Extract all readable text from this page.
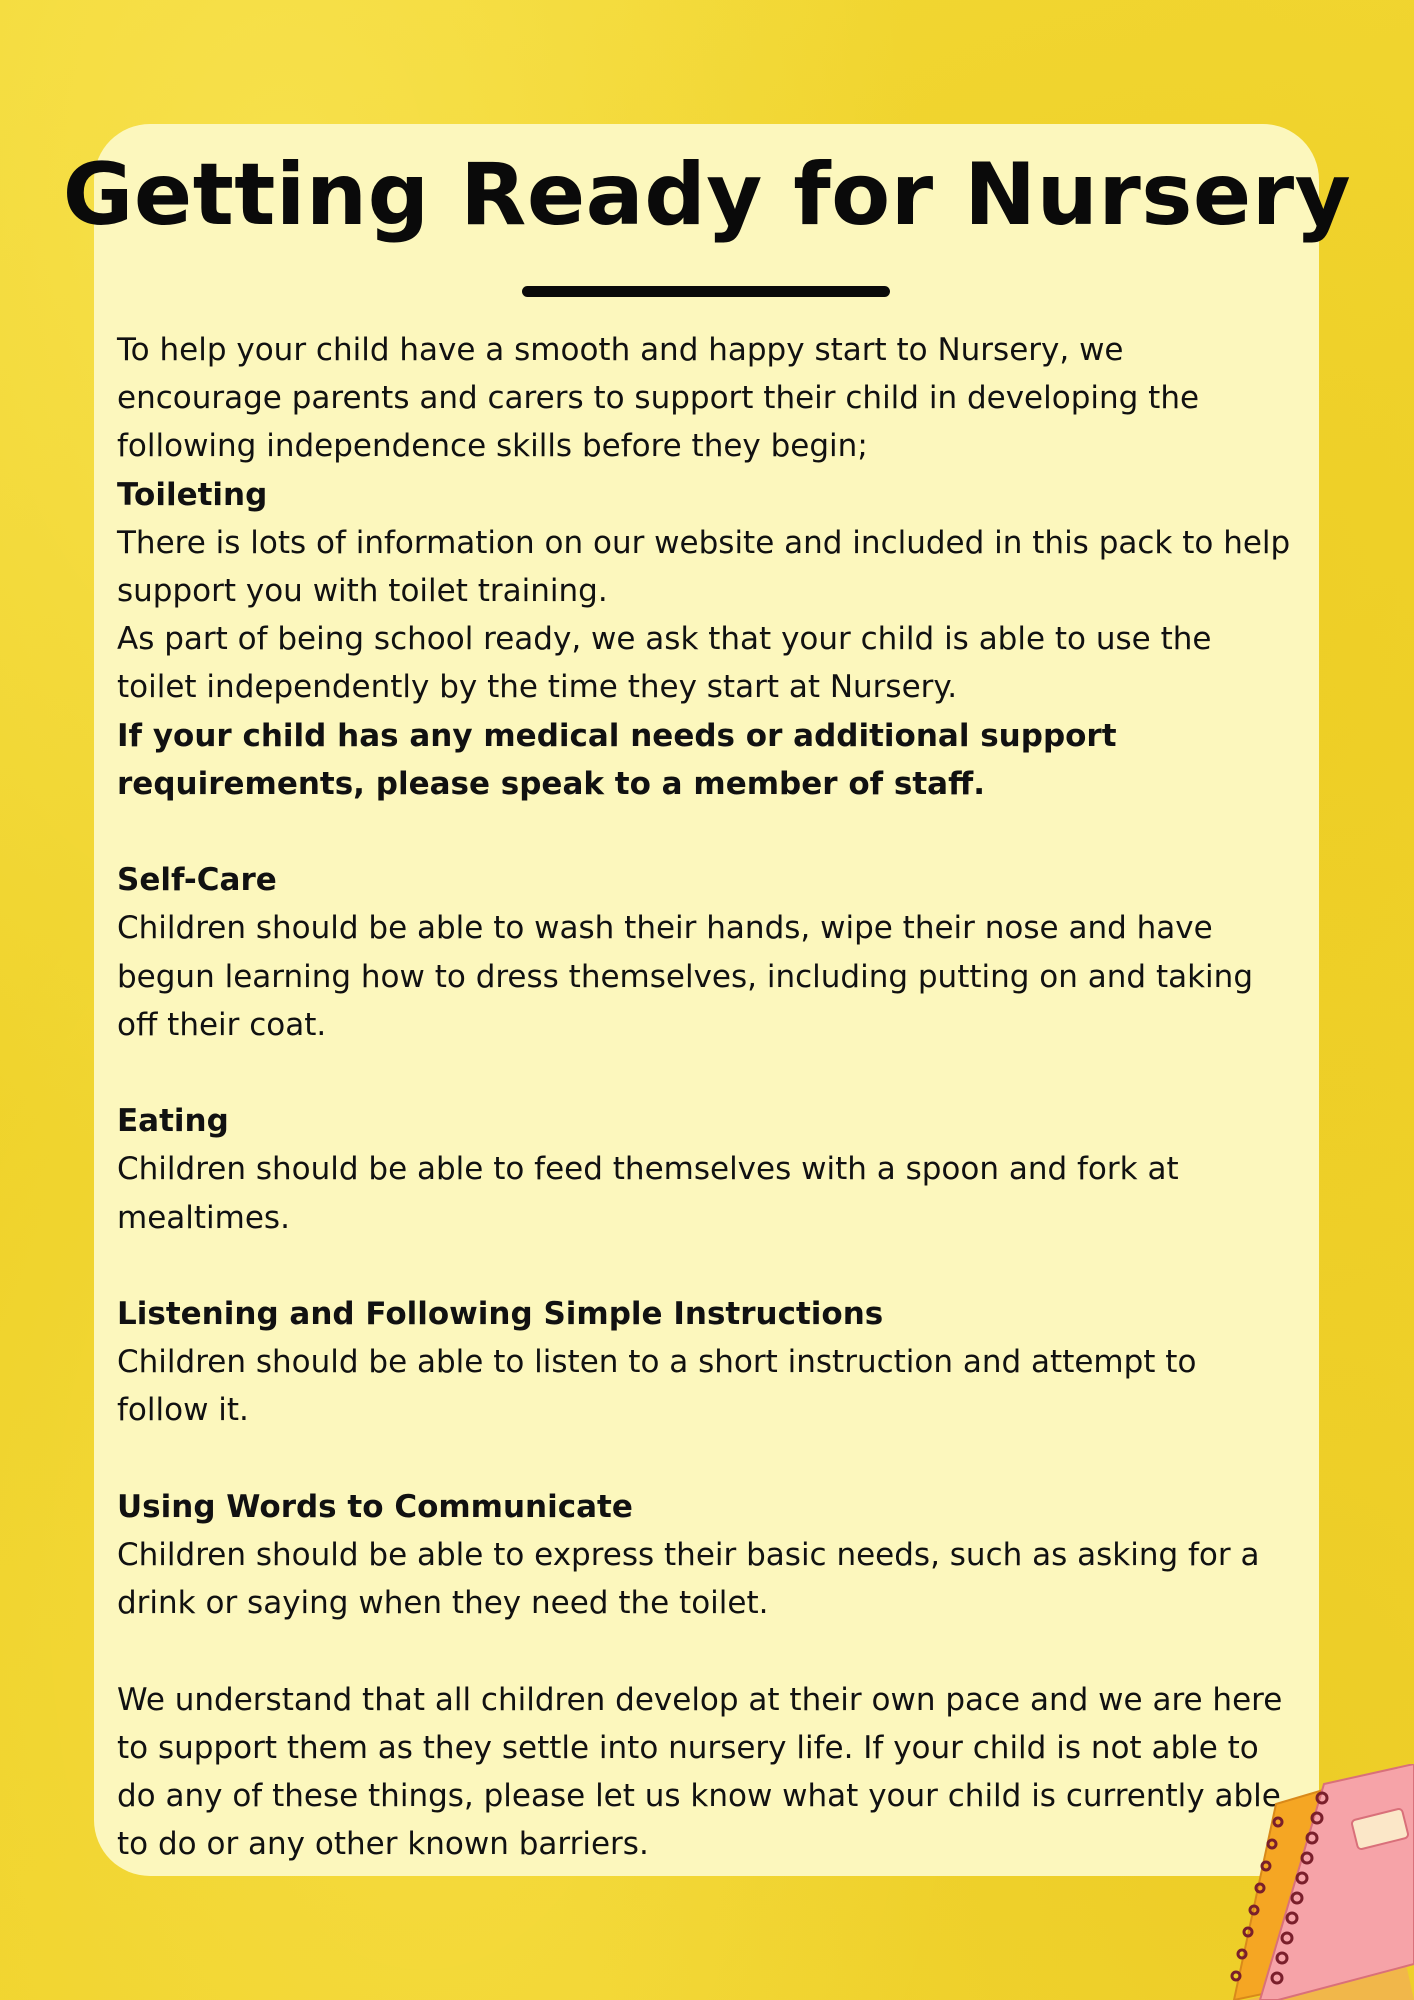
Getting Ready for Nursery

To help your child have a smooth and happy start to Nursery, we encourage parents and carers to support their child in developing the following independence skills before they begin;

Toileting

There is lots of information on our website and included in this pack to help support you with toilet training.

As part of being school ready, we ask that your child is able to use the toilet independently by the time they start at Nursery.

If your child has any medical needs or additional support requirements, please speak to a member of staff.

Self-Care

Children should be able to wash their hands, wipe their nose and have begun learning how to dress themselves, including putting on and taking off their coat.

Eating

Children should be able to feed themselves with a spoon and fork at mealtimes.

Listening and Following Simple Instructions

Children should be able to listen to a short instruction and attempt to follow it.

Using Words to Communicate

Children should be able to express their basic needs, such as asking for a drink or saying when they need the toilet.

We understand that all children develop at their own pace and we are here to support them as they settle into nursery life. If your child is not able to do any of these things, please let us know what your child is currently able to do or any other known barriers.
